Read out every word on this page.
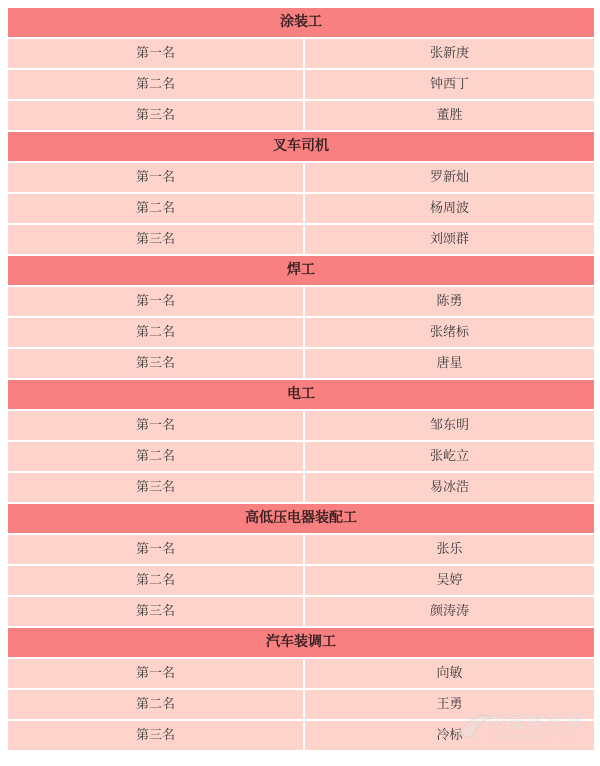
涂装工
第一名	张新庚
第二名	钟西丁
第三名	董胜
叉车司机
第一名	罗新灿
第二名	杨周波
第三名	刘颂群
焊工
第一名	陈勇
第二名	张绪标
第三名	唐星
电工
第一名	邹东明
第二名	张屹立
第三名	易冰浩
高低压电器装配工
第一名	张乐
第二名	吴婷
第三名	颜涛涛
汽车装调工
第一名	向敏
第二名	王勇
第三名	冷标
中国客车网
CHINABUSES.COM
